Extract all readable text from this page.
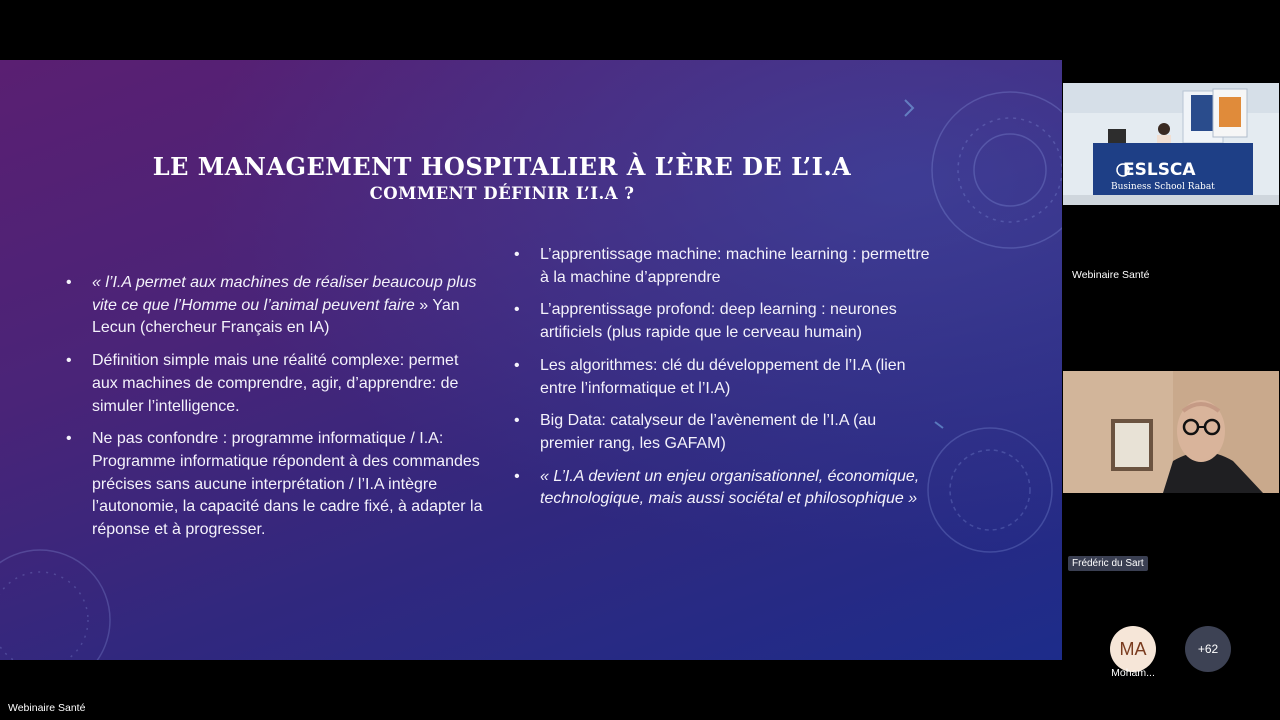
LE MANAGEMENT HOSPITALIER À L’ÈRE DE L’I.A
COMMENT DÉFINIR L’I.A ?
• « l’I.A permet aux machines de réaliser beaucoup plus vite ce que l’Homme ou l’animal peuvent faire » Yan Lecun (chercheur Français en IA)
• Définition simple mais une réalité complexe: permet aux machines de comprendre, agir, d’apprendre: de simuler l’intelligence.
• Ne pas confondre : programme informatique / I.A: Programme informatique répondent à des commandes précises sans aucune interprétation / l’I.A intègre l’autonomie, la capacité dans le cadre fixé, à adapter la réponse et à progresser.
• L’apprentissage machine: machine learning : permettre à la machine d’apprendre
• L’apprentissage profond: deep learning : neurones artificiels (plus rapide que le cerveau humain)
• Les algorithmes: clé du développement de l’I.A (lien entre l’informatique et l’I.A)
• Big Data: catalyseur de l’avènement de l’I.A (au premier rang, les GAFAM)
• « L’I.A devient un enjeu organisationnel, économique, technologique, mais aussi sociétal et philosophique »
ESLSCA
Business School Rabat
Webinaire Santé
Frédéric du Sart
MA
Moham...
+62
Webinaire Santé
